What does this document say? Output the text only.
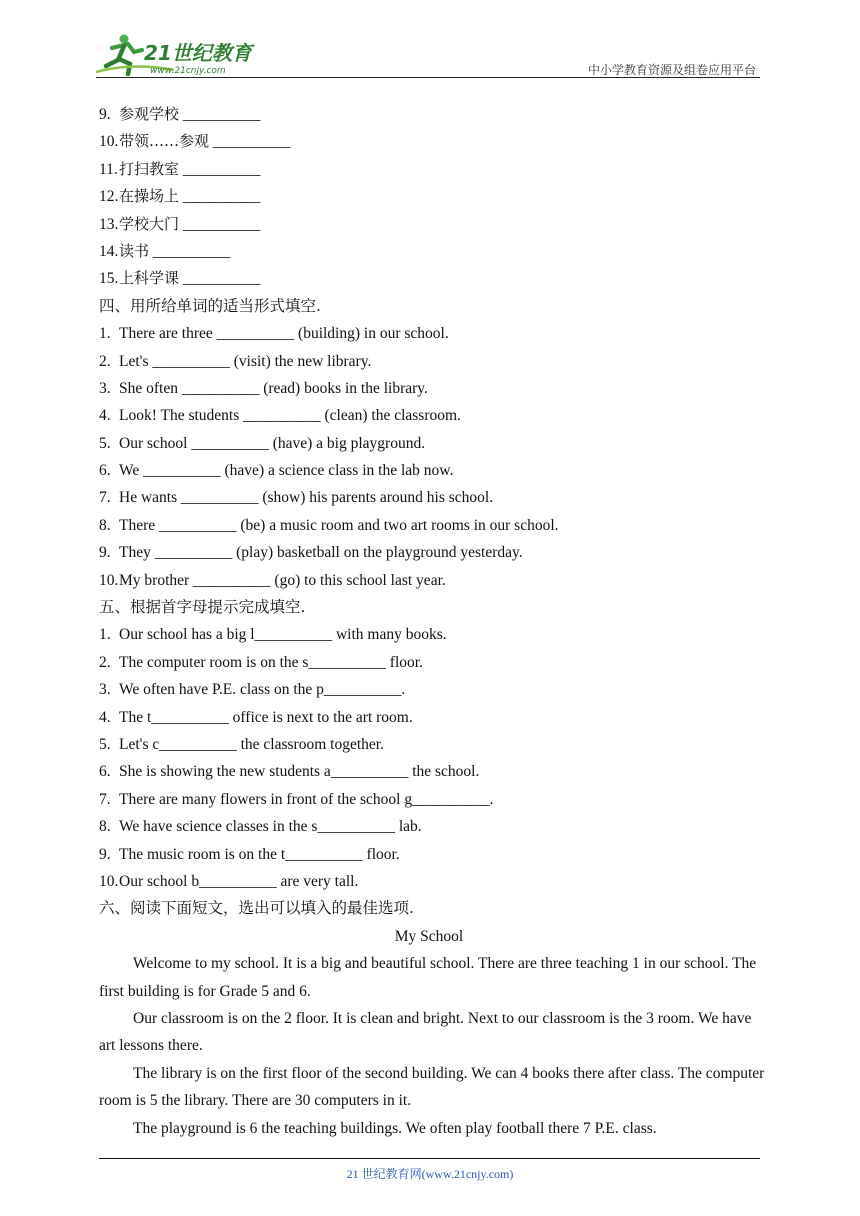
21世纪教育
www.21cnjy.com	中小学教育资源及组卷应用平台
9. 参观学校 __________
10.带领……参观 __________
11.打扫教室 __________
12.在操场上 __________
13.学校大门 __________
14.读书 __________
15.上科学课 __________
四、用所给单词的适当形式填空.
1. There are three __________ (building) in our school.
2. Let's __________ (visit) the new library.
3. She often __________ (read) books in the library.
4. Look! The students __________ (clean) the classroom.
5. Our school __________ (have) a big playground.
6. We __________ (have) a science class in the lab now.
7. He wants __________ (show) his parents around his school.
8. There __________ (be) a music room and two art rooms in our school.
9. They __________ (play) basketball on the playground yesterday.
10.My brother __________ (go) to this school last year.
五、根据首字母提示完成填空.
1. Our school has a big l__________ with many books.
2. The computer room is on the s__________ floor.
3. We often have P.E. class on the p__________.
4. The t__________ office is next to the art room.
5. Let's c__________ the classroom together.
6. She is showing the new students a__________ the school.
7. There are many flowers in front of the school g__________.
8. We have science classes in the s__________ lab.
9. The music room is on the t__________ floor.
10.Our school b__________ are very tall.
六、阅读下面短文，选出可以填入的最佳选项.
My School
Welcome to my school. It is a big and beautiful school. There are three teaching 1 in our school. The first building is for Grade 5 and 6.
Our classroom is on the 2 floor. It is clean and bright. Next to our classroom is the 3 room. We have art lessons there.
The library is on the first floor of the second building. We can 4 books there after class. The computer room is 5 the library. There are 30 computers in it.
The playground is 6 the teaching buildings. We often play football there 7 P.E. class.
21 世纪教育网(www.21cnjy.com)
